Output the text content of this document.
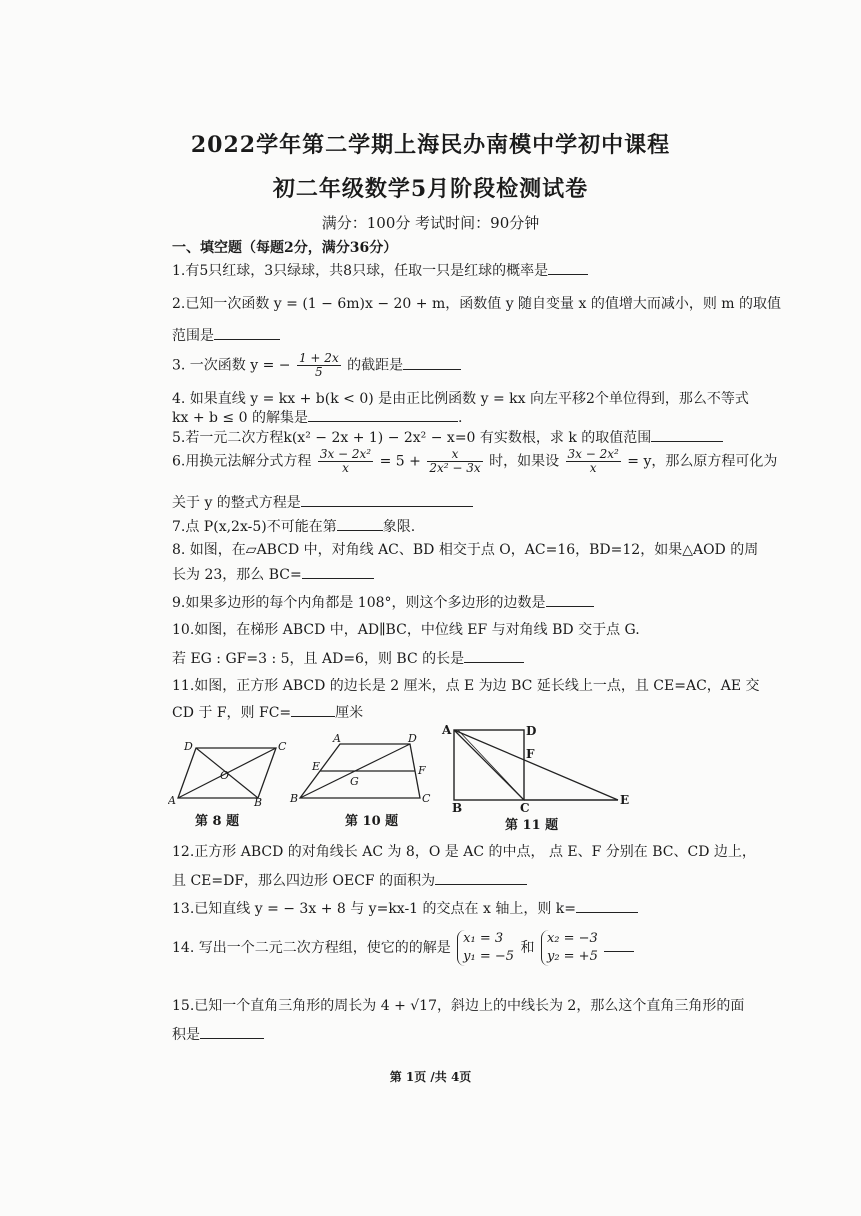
2022学年第二学期上海民办南模中学初中课程
初二年级数学5月阶段检测试卷
满分：100分 考试时间：90分钟
一、填空题（每题2分，满分36分）
1.有5只红球，3只绿球，共8只球，任取一只是红球的概率是
2.已知一次函数 y = (1 − 6m)x − 20 + m，函数值 y 随自变量 x 的值增大而减小，则 m 的取值
范围是
3. 一次函数 y = − $\frac{1 + 2x}{5}$ 的截距是
4. 如果直线 y = kx + b(k < 0) 是由正比例函数 y = kx 向左平移2个单位得到，那么不等式
kx + b ≤ 0 的解集是	.
5.若一元二次方程k(x² − 2x + 1) − 2x² − x=0 有实数根，求 k 的取值范围
6.用换元法解分式方程 $\frac{\text{3x − 2x²}}{x} = 5 + \frac{x}{\text{2x² − 3x}}$ 时，如果设 $\frac{\text{3x − 2x²}}{x} = y$，那么原方程可化为
关于 y 的整式方程是
7.点 P(x,2x-5)不可能在第	象限.
8. 如图，在▱ABCD 中，对角线 AC、BD 相交于点 O，AC=16，BD=12，如果△AOD 的周
长为 23，那么 BC=
9.如果多边形的每个内角都是 108°，则这个多边形的边数是
10.如图，在梯形 ABCD 中，AD∥BC，中位线 EF 与对角线 BD 交于点 G.
若 EG : GF=3 : 5，且 AD=6，则 BC 的长是
11.如图，正方形 ABCD 的边长是 2 厘米，点 E 为边 BC 延长线上一点，且 CE=AC，AE 交
CD 于 F，则 FC=	厘米
D	C
O
A	B
第 8 题
A	D
E	F
G
B	C
第 10 题
A	D
F
B	C
E
第 11 题
12.正方形 ABCD 的对角线长 AC 为 8，O 是 AC 的中点， 点 E、F 分别在 BC、CD 边上，
且 CE=DF，那么四边形 OECF 的面积为
13.已知直线 y = − 3x + 8 与 y=kx-1 的交点在 x 轴上，则 k=
14. 写出一个二元二次方程组，使它的的解是
x₁ = 3
y₁ = −5
和
x₂ = −3
y₂ = +5

15.已知一个直角三角形的周长为 4 + √17，斜边上的中线长为 2，那么这个直角三角形的面
积是
第 1页 /共 4页
